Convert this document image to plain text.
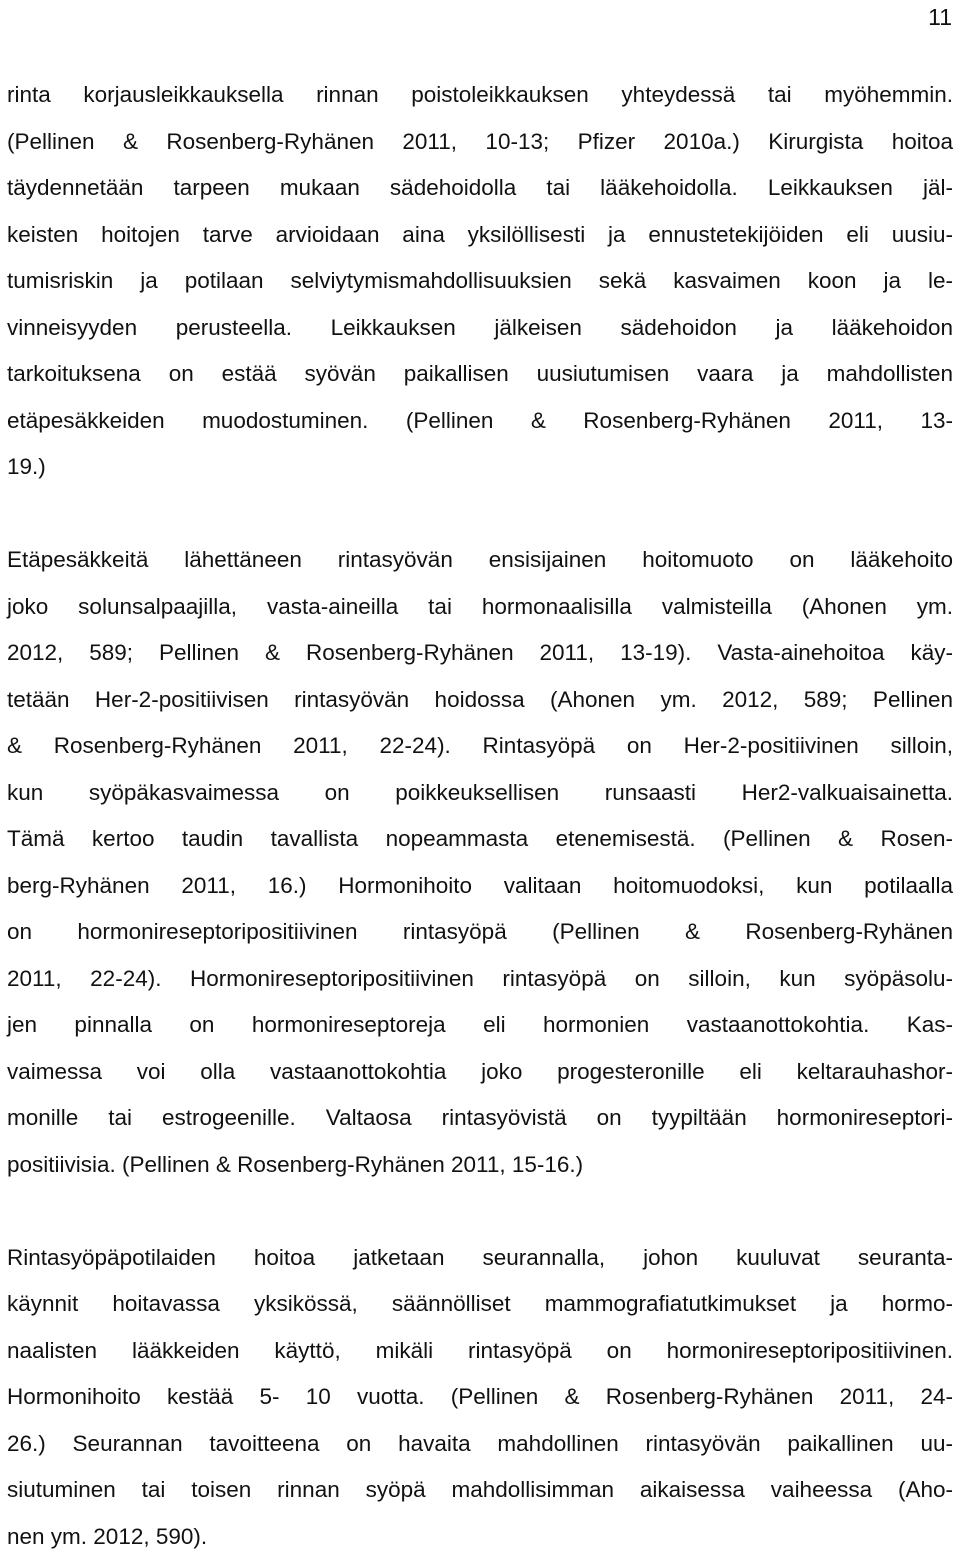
11
rinta korjausleikkauksella rinnan poistoleikkauksen yhteydessä tai myöhemmin.
(Pellinen & Rosenberg-Ryhänen 2011, 10-13; Pfizer 2010a.) Kirurgista hoitoa
täydennetään tarpeen mukaan sädehoidolla tai lääkehoidolla. Leikkauksen jäl-
keisten hoitojen tarve arvioidaan aina yksilöllisesti ja ennustetekijöiden eli uusiu-
tumisriskin ja potilaan selviytymismahdollisuuksien sekä kasvaimen koon ja le-
vinneisyyden perusteella. Leikkauksen jälkeisen sädehoidon ja lääkehoidon
tarkoituksena on estää syövän paikallisen uusiutumisen vaara ja mahdollisten
etäpesäkkeiden muodostuminen. (Pellinen & Rosenberg-Ryhänen 2011, 13-
19.)
Etäpesäkkeitä lähettäneen rintasyövän ensisijainen hoitomuoto on lääkehoito
joko solunsalpaajilla, vasta-aineilla tai hormonaalisilla valmisteilla (Ahonen ym.
2012, 589; Pellinen & Rosenberg-Ryhänen 2011, 13-19). Vasta-ainehoitoa käy-
tetään Her-2-positiivisen rintasyövän hoidossa (Ahonen ym. 2012, 589; Pellinen
& Rosenberg-Ryhänen 2011, 22-24). Rintasyöpä on Her-2-positiivinen silloin,
kun syöpäkasvaimessa on poikkeuksellisen runsaasti Her2-valkuaisainetta.
Tämä kertoo taudin tavallista nopeammasta etenemisestä. (Pellinen & Rosen-
berg-Ryhänen 2011, 16.) Hormonihoito valitaan hoitomuodoksi, kun potilaalla
on hormonireseptoripositiivinen rintasyöpä (Pellinen & Rosenberg-Ryhänen
2011, 22-24). Hormonireseptoripositiivinen rintasyöpä on silloin, kun syöpäsolu-
jen pinnalla on hormonireseptoreja eli hormonien vastaanottokohtia. Kas-
vaimessa voi olla vastaanottokohtia joko progesteronille eli keltarauhashor-
monille tai estrogeenille. Valtaosa rintasyövistä on tyypiltään hormonireseptori-
positiivisia. (Pellinen & Rosenberg-Ryhänen 2011, 15-16.)
Rintasyöpäpotilaiden hoitoa jatketaan seurannalla, johon kuuluvat seuranta-
käynnit hoitavassa yksikössä, säännölliset mammografiatutkimukset ja hormo-
naalisten lääkkeiden käyttö, mikäli rintasyöpä on hormonireseptoripositiivinen.
Hormonihoito kestää 5- 10 vuotta. (Pellinen & Rosenberg-Ryhänen 2011, 24-
26.) Seurannan tavoitteena on havaita mahdollinen rintasyövän paikallinen uu-
siutuminen tai toisen rinnan syöpä mahdollisimman aikaisessa vaiheessa (Aho-
nen ym. 2012, 590).
